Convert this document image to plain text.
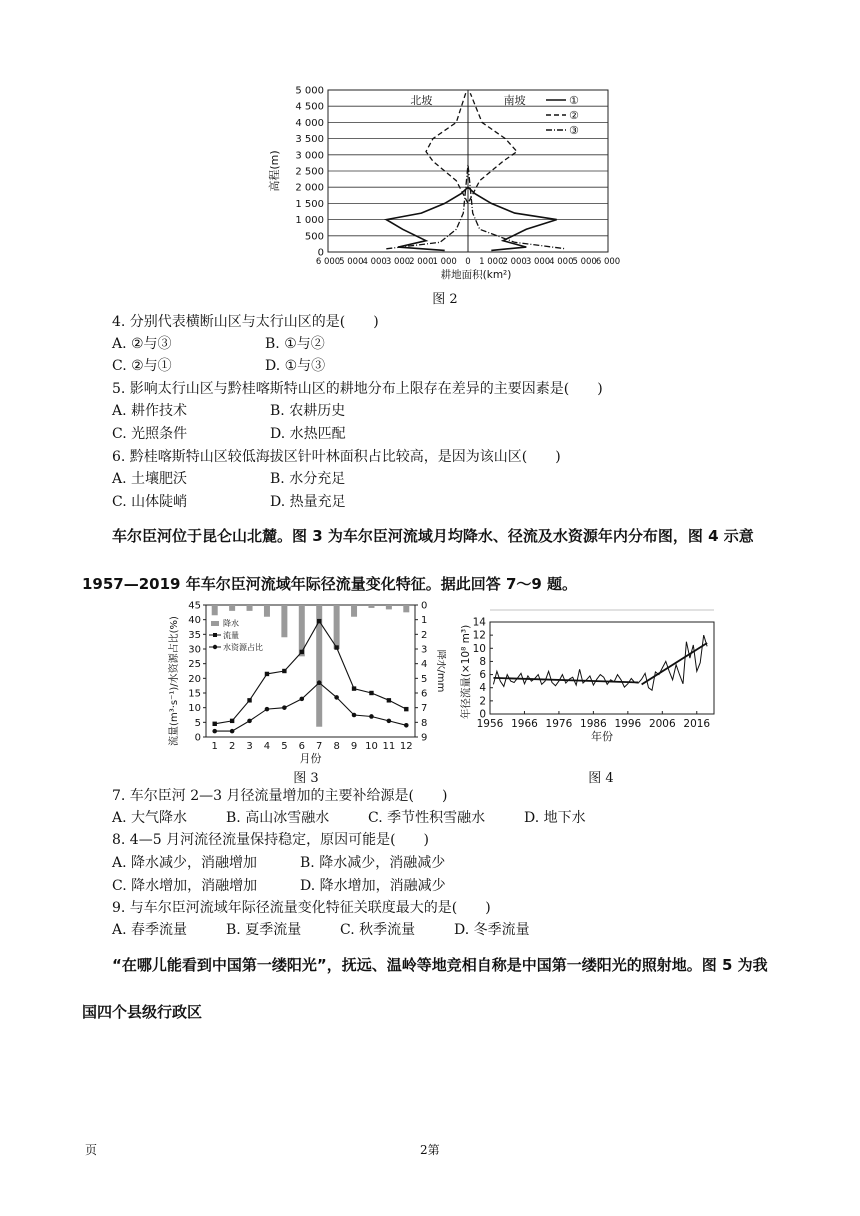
5 000
4 500
4 000
3 500
3 000
2 500
2 000
1 500
1 000
500
0
6 000
5 000
4 000
3 000
2 000
1 000 0 1 000
2 000
3 000
4 000
5 000
6 000
耕地面积(km²)
高程(m)
北坡	南坡	①
②
③
图 2
4. 分别代表横断山区与太行山区的是(　　)
A. ②与③	B. ①与②
C. ②与①	D. ①与③
5. 影响太行山区与黔桂喀斯特山区的耕地分布上限存在差异的主要因素是(　　)
A. 耕作技术	B. 农耕历史
C. 光照条件	D. 水热匹配
6. 黔桂喀斯特山区较低海拔区针叶林面积占比较高，是因为该山区(　　)
A. 土壤肥沃	B. 水分充足
C. 山体陡峭	D. 热量充足
车尔臣河位于昆仑山北麓。图 3 为车尔臣河流域月均降水、径流及水资源年内分布图，图 4 示意
1957—2019 年车尔臣河流域年际径流量变化特征。据此回答 7～9 题。
0
5
10
15
20
25
30
35
40
45	0
1
2
3
4
5
6
7
8
9
1 2 3 4 5 6 7 8 9 10 11 12
降水
流量
水资源占比
月份
流量(m³·s⁻¹)/水资源占比(%)	降水/mm
图 3
0
2
4
6
8
10
12
14
1956 1966 1976 1986 1996 2006 2016
年份
年径流量(×10⁸ m³)
图 4
7. 车尔臣河 2—3 月径流量增加的主要补给源是(　　)
A. 大气降水	B. 高山冰雪融水	C. 季节性积雪融水	D. 地下水
8. 4—5 月河流径流量保持稳定，原因可能是(　　)
A. 降水减少，消融增加	B. 降水减少，消融减少
C. 降水增加，消融增加	D. 降水增加，消融减少
9. 与车尔臣河流域年际径流量变化特征关联度最大的是(　　)
A. 春季流量	B. 夏季流量	C. 秋季流量	D. 冬季流量
“在哪儿能看到中国第一缕阳光”，抚远、温岭等地竞相自称是中国第一缕阳光的照射地。图 5 为我
国四个县级行政区
页	2第
